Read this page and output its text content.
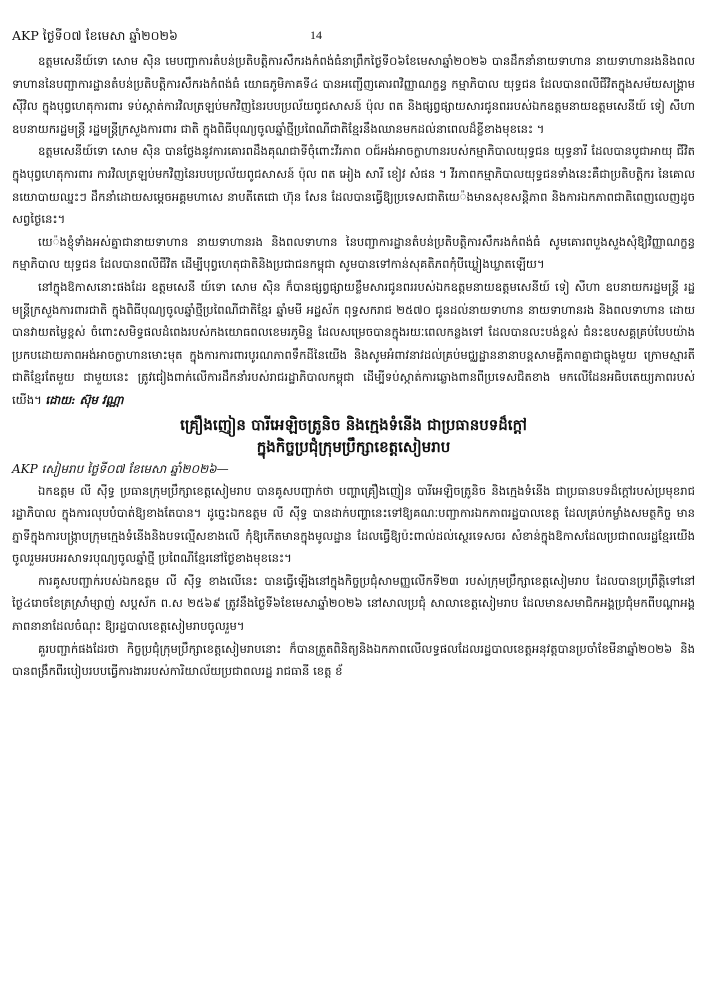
AKP ថ្ងៃទី០៧ ខែមេសា ឆ្នាំ២០២៦	14

ឧត្តមសេនីយ៍ទោ សោម ស៊ិន មេបញ្ជាការតំបន់ប្រតិបត្តិការសឹករងកំពង់ធំនាព្រឹកថ្ងៃទី០៦ខែមេសាឆ្នាំ២០២៦ បានដឹកនាំនាយទាហាន នាយទាហានរងនិងពលទាហាននៃបញ្ជាការដ្ឋានតំបន់ប្រតិបត្តិការសឹករងកំពង់ធំ យោធភូមិភាគទី៤ បានអញ្ជើញគោរពវិញ្ញាណក្ខន្ធ កម្មាភិបាល យុទ្ធជន ដែលបានពលីជីវិតក្នុងសម័យសង្គ្រាម ស៊ីវិល ក្នុងបុព្វហេតុការពារ ទប់ស្កាត់ការវិលត្រឡប់មកវិញនៃរបបប្រល័យពូជសាសន៍ ប៉ុល ពត និងផ្សព្វផ្សាយសារជូនពររបស់ឯកឧត្តមនាយឧត្តមសេនីយ៍ ទៀ សីហា ឧបនាយករដ្ឋមន្ត្រី រដ្ឋមន្ត្រីក្រសួងការពារ ជាតិ ក្នុងពិធីបុណ្យចូលឆ្នាំថ្មីប្រពៃណីជាតិខ្មែរនឹងឈានមកដល់នាពេលដ៏ខ្លីខាងមុខនេះ ។

ឧត្តមសេនីយ៍ទោ សោម ស៊ិន បានថ្លែងនូវការគោរពដឹងគុណជាទីចុំពោះវីរភាព ០ជ៍អង់អាចក្លាហានរបស់កម្មាភិបាលយុទ្ធជន យុទ្ធនារី ដែលបានបូជាអាយុ ជីវិត ក្នុងបុព្វហេតុការពារ ការវិលត្រឡប់មកវិញនៃរបបប្រល័យពូជសាសន៍ ប៉ុល ពត អៀង សារី ខៀវ សំផន ។ វីរភាពកម្មាភិបាលយុទ្ធជនទាំងនេះគឺជាប្រតិបត្តិករ នៃគោលនយោបាយឈ្នះៗ ដឹកនាំដោយសម្ដេចអគ្គមហាសេ នាបតីតេជោ ហ៊ុន សែន ដែលបានធ្វើឱ្យប្រទេសជាតិយេ៉ងមានសុខសន្តិភាព និងការឯកភាពជាតិពេញលេញដូចសព្វថ្ងៃនេះ។

យេ៉ងខ្ញុំទាំងអស់គ្នាជានាយទាហាន នាយទាហានរង និងពលទាហាន នៃបញ្ជាការដ្ឋានតំបន់ប្រតិបត្តិការសឹករងកំពង់ធំ សូមគោរពបួងសួងសុំឱ្យវិញ្ញាណក្ខន្ធកម្មាភិបាល យុទ្ធជន ដែលបានពលីជីវិត ដើម្បីបុព្វហេតុជាតិនិងប្រជាជនកម្ពុជា សូមបានទៅកាន់សុគតិភពកុំបីឃ្លៀងឃ្លាតឡើយ។

នៅក្នុងឱកាសនោះផងដែរ ឧត្តមសេនី យ៍ទោ សោម ស៊ិន ក៏បានផ្សព្វផ្សាយខ្លឹមសារជូនពររបស់ឯកឧត្តមនាយឧត្តមសេនីយ៍ ទៀ សីហា ឧបនាយករដ្ឋមន្ត្រី រដ្ឋមន្ត្រីក្រសួងការពារជាតិ ក្នុងពិធីបុណ្យចូលឆ្នាំថ្មីប្រពៃណីជាតិខ្មែរ ឆ្នាំមមី អដ្ឋស័ក ពុទ្ធសករាជ ២៥៧០ ជូនដល់នាយទាហាន នាយទាហានរង និងពលទាហាន ដោយបានវាយតម្លៃខ្ពស់ ចំពោះសមិទ្ធផលដំពេងរបស់កងយោធពលខេមរភូមិន្ទ ដែលសម្រេចបានក្នុងរយៈពេលកន្លងទៅ ដែលបានលះបង់ខ្ពស់ ជំនះឧបសគ្គគ្រប់បែបយ៉ាងប្រកបដោយភាពអង់អាចក្លាហានមោះមុត ក្នុងការការពារបូរណភាពទឹកដីនៃយើង និងសូមអំពាវនាវដល់គ្រប់មជ្ឈដ្ឋាននានាបន្តសាមគ្គីភាពគ្នាជាធ្លុងមួយ ក្រោមស្មារតីជាតិខ្មែរតែមួយ ជាមួយនេះ ត្រូវជៀងពាក់លើការដឹកនាំរបស់រាជរដ្ឋាភិបាលកម្ពុជា ដើម្បីទប់ស្កាត់ការឆ្លោងពានពីប្រទេសជិតខាង មកលើដែនអធិបតេយ្យភាពរបស់យើង។ ដោយ: ស៊ុម វណ្ណា

គ្រឿងញៀន បារីអេឡិចត្រូនិច និងក្មេងទំនើង ជាប្រធានបទដ៏ក្ដៅ
ក្នុងកិច្ចប្រជុំក្រុមប្រឹក្សាខេត្តសៀមរាប

AKP សៀមរាប ថ្ងៃទី០៧ ខែមេសា ឆ្នាំ២០២៦—

ឯកឧត្តម លី ស៊ីទ្ធ ប្រធានក្រុមប្រឹក្សាខេត្តសៀមរាប បានគូសបញ្ជាក់ថា បញ្ហាគ្រឿងញៀន បារីអេឡិចត្រូនិច និងក្មេងទំនើង ជាប្រធានបទដ៏ក្ដៅរបស់ប្រមុខរាជរដ្ឋាភិបាល ក្នុងការលុបបំបាត់ឱ្យខាងតែបាន។ ដូច្នេះឯកឧត្តម លី ស៊ីទ្ធ បានដាក់បញ្ហានេះទៅឱ្យគណៈបញ្ជាការឯកភាពរដ្ឋបាលខេត្ត ដែលគ្រប់កម្លាំងសមត្ថកិច្ច មានភ្នាទីក្នុងការបង្ក្រាបក្រុមក្មេងទំនើងនិងបទល្មើសខាងលើ កុំឱ្យកើតមានក្នុងមូលដ្ឋាន ដែលធ្វើឱ្យប៉ះពាល់ដល់ស្ថេរទេសចរ សំខាន់ក្នុងឱកាសដែលប្រជាពលរដ្ឋខ្មែរយើង ចូលរួមអបអរសាទរបុណ្យចូលឆ្នាំថ្មី ប្រពៃណីខ្មែរនៅថ្ងៃខាងមុខនេះ។

ការគូសបញ្ជាក់របស់ឯកឧត្តម លី ស៊ីទ្ធ ខាងលើនេះ បានធ្វើឡើងនៅក្នុងកិច្ចប្រជុំសាមញ្ញលើកទី២៣ របស់ក្រុមប្រឹក្សាខេត្តសៀមរាប ដែលបានប្រព្រឹត្តិទៅនៅថ្ងៃ៤រោចខែត្រស្រាំម្សាញ់ សប្តស័ក ព.ស ២៥៦៩ ត្រូវនឹងថ្ងៃទី៦ខែមេសាឆ្នាំ២០២៦ នៅសាលប្រជុំ សាលាខេត្តសៀមរាប ដែលមានសមាជិកអង្គប្រជុំមកពីបណ្ដាអង្គភាពនានាដែលចំណុះ ឱ្យរដ្ឋបាលខេត្តសៀមរាបចូលរួម។

គួរបញ្ជាក់ផងដែរថា កិច្ចប្រជុំក្រុមប្រឹក្សាខេត្តសៀមរាបនោះ ក៏បានត្រួតពិនិត្យនិងឯកភាពលើលទ្ធផលដែលរដ្ឋបាលខេត្តអនុវត្តបានប្រចាំខែមីនាឆ្នាំ២០២៦ និងបានពង្រឹកពីរបៀបរបបធ្វើការងាររបស់ការិយាល័យប្រជាពលរដ្ឋ រាជធានី ខេត្ត ខ័
